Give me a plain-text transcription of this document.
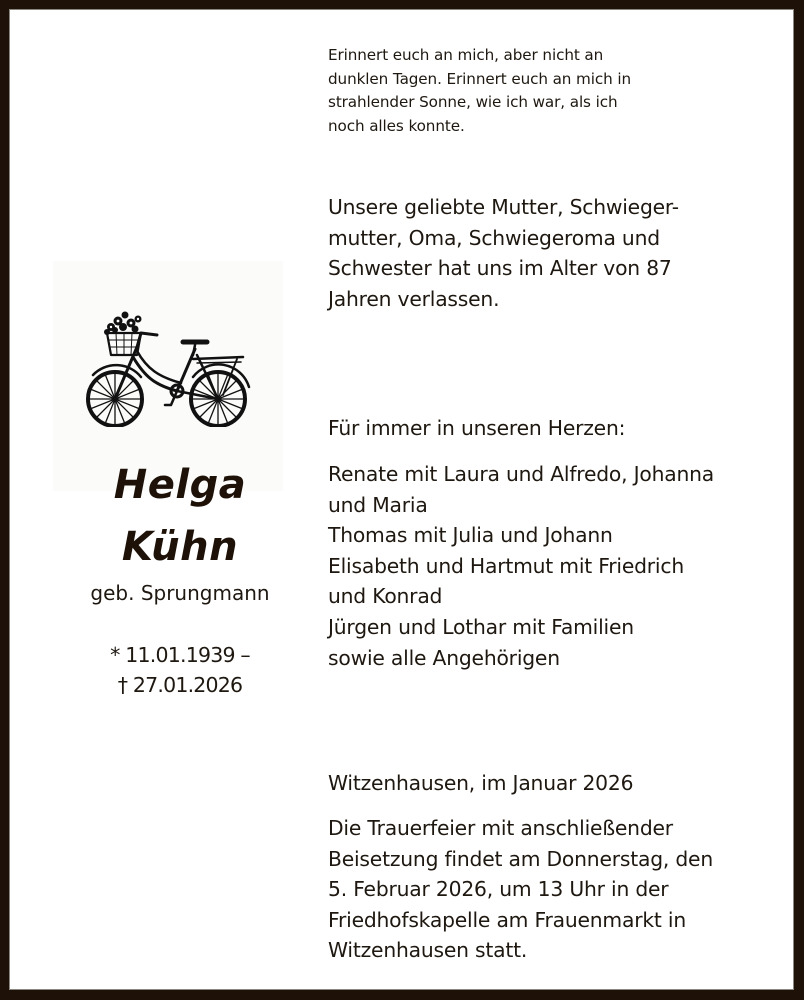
Erinnert euch an mich, aber nicht an
dunklen Tagen. Erinnert euch an mich in
strahlender Sonne, wie ich war, als ich
noch alles konnte.
Unsere geliebte Mutter, Schwieger-
mutter, Oma, Schwiegeroma und
Schwester hat uns im Alter von 87
Jahren verlassen.
Helga
Kühn
geb. Sprungmann
* 11.01.1939 –
† 27.01.2026
Für immer in unseren Herzen:
Renate mit Laura und Alfredo, Johanna
und Maria
Thomas mit Julia und Johann
Elisabeth und Hartmut mit Friedrich
und Konrad
Jürgen und Lothar mit Familien
sowie alle Angehörigen
Witzenhausen, im Januar 2026
Die Trauerfeier mit anschließender
Beisetzung findet am Donnerstag, den
5. Februar 2026, um 13 Uhr in der
Friedhofskapelle am Frauenmarkt in
Witzenhausen statt.
